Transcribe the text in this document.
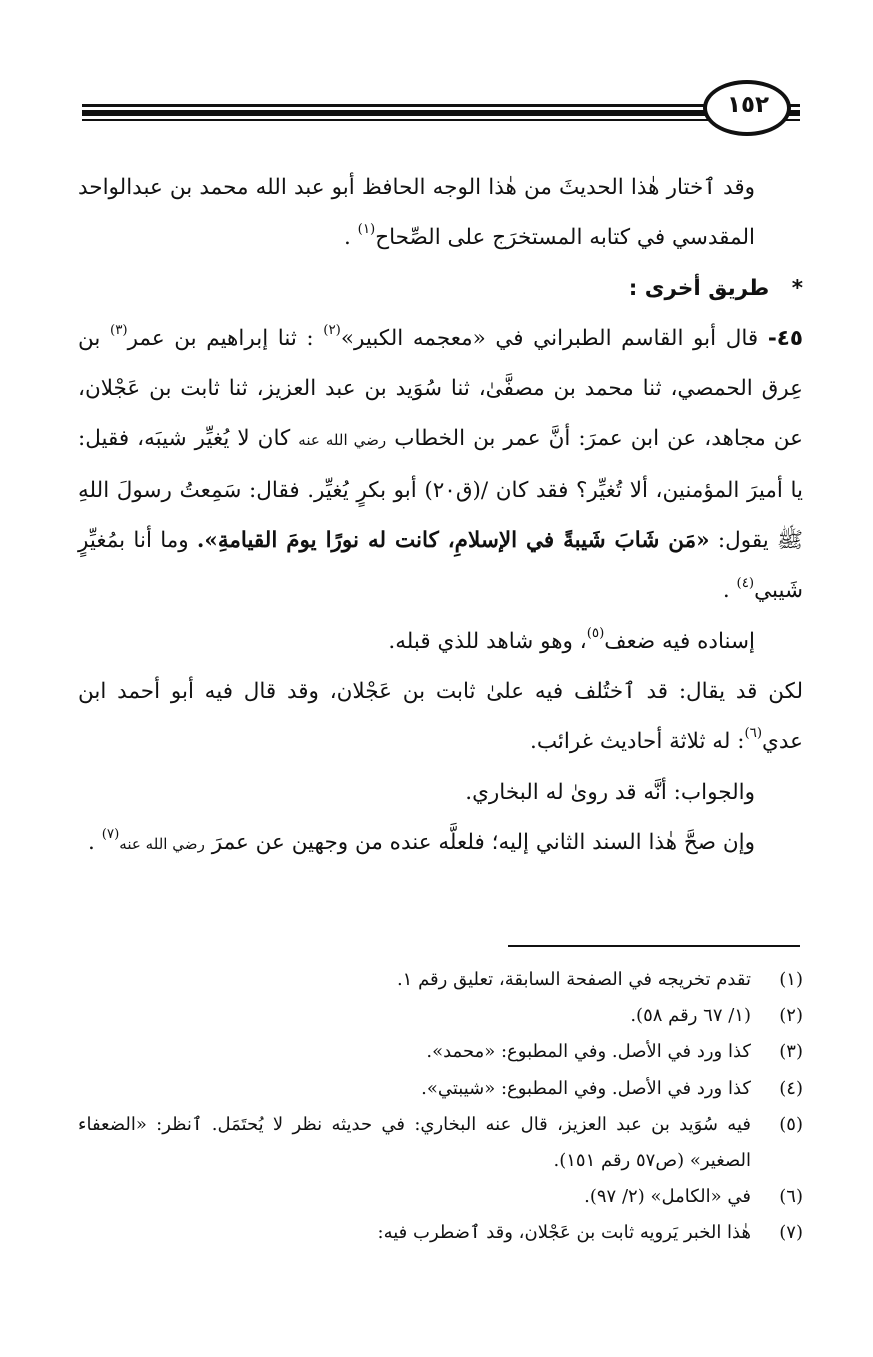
١٥٢

وقد ٱختار هٰذا الحديثَ من هٰذا الوجه الحافظ أبو عبد الله محمد بن عبدالواحد المقدسي في كتابه المستخرَج على الصِّحاح$^{(١)}$ .

*   طريق أخرى :

٤٥- قال أبو القاسم الطبراني في «معجمه الكبير»$^{(٢)}$ : ثنا إبراهيم بن عمر$^{(٣)}$ بن عِرق الحمصي، ثنا محمد بن مصفَّىٰ، ثنا سُوَيد بن عبد العزيز، ثنا ثابت بن عَجْلان، عن مجاهد، عن ابن عمرَ: أنَّ عمر بن الخطاب رضي الله عنه كان لا يُغيِّر شيبَه، فقيل: يا أميرَ المؤمنين، ألا تُغيِّر؟ فقد كان /(ق٢٠) أبو بكرٍ يُغيِّر. فقال: سَمِعتُ رسولَ اللهِ ﷺ يقول: «مَن شَابَ شَيبةً في الإسلامِ، كانت له نورًا يومَ القيامةِ». وما أنا بمُغيِّرٍ شَيبي$^{(٤)}$ .

إسناده فيه ضعف$^{(٥)}$، وهو شاهد للذي قبله.

لكن قد يقال: قد ٱختُلف فيه علىٰ ثابت بن عَجْلان، وقد قال فيه أبو أحمد ابن عدي$^{(٦)}$: له ثلاثة أحاديث غرائب.

والجواب: أنَّه قد روىٰ له البخاري.

وإن صحَّ هٰذا السند الثاني إليه؛ فلعلَّه عنده من وجهين عن عمرَ رضي الله عنه$^{(٧)}$ .

(١)
تقدم تخريجه في الصفحة السابقة، تعليق رقم ١.
(٢)
(١/ ٦٧ رقم ٥٨).
(٣)
كذا ورد في الأصل. وفي المطبوع: «محمد».
(٤)
كذا ورد في الأصل. وفي المطبوع: «شيبتي».
(٥)
فيه سُوَيد بن عبد العزيز، قال عنه البخاري: في حديثه نظر لا يُحتَمَل. ٱنظر: «الضعفاء الصغير» (ص٥٧ رقم ١٥١).
(٦)
في «الكامل» (٢/ ٩٧).
(٧)
هٰذا الخبر يَرويه ثابت بن عَجْلان، وقد ٱضطرب فيه:
